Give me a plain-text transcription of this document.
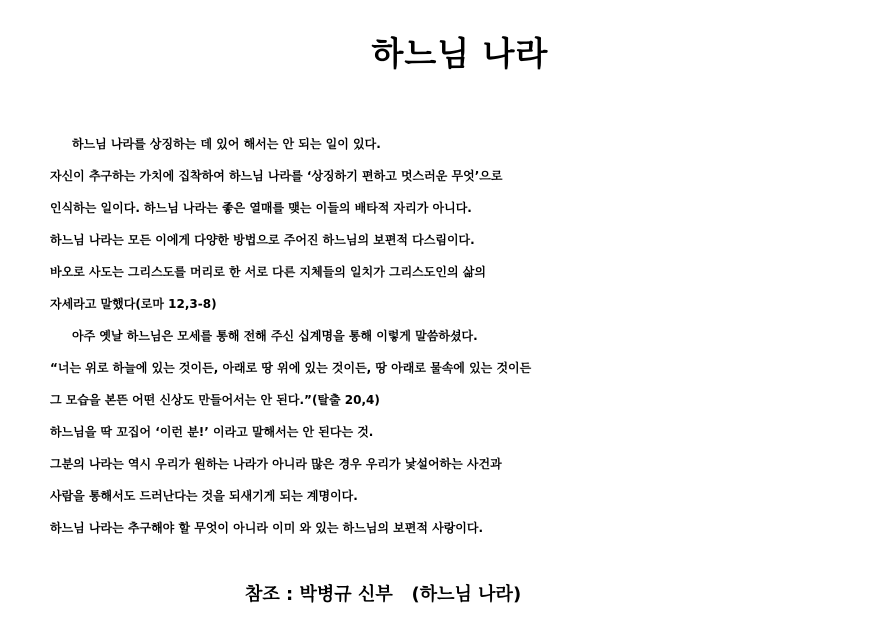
하느님 나라
하느님 나라를 상징하는 데 있어 해서는 안 되는 일이 있다.
자신이 추구하는 가치에 집착하여 하느님 나라를 ‘상징하기 편하고 멋스러운 무엇’으로
인식하는 일이다. 하느님 나라는 좋은 열매를 맺는 이들의 배타적 자리가 아니다.
하느님 나라는 모든 이에게 다양한 방법으로 주어진 하느님의 보편적 다스림이다.
바오로 사도는 그리스도를 머리로 한 서로 다른 지체들의 일치가 그리스도인의 삶의
자세라고 말했다(로마 12,3-8)
아주 옛날 하느님은 모세를 통해 전해 주신 십계명을 통해 이렇게 말씀하셨다.
“너는 위로 하늘에 있는 것이든, 아래로 땅 위에 있는 것이든, 땅 아래로 물속에 있는 것이든
그 모습을 본뜬 어떤 신상도 만들어서는 안 된다.”(탈출 20,4)
하느님을 딱 꼬집어 ‘이런 분!’ 이라고 말해서는 안 된다는 것.
그분의 나라는 역시 우리가 원하는 나라가 아니라 많은 경우 우리가 낯설어하는 사건과
사람을 통해서도 드러난다는 것을 되새기게 되는 계명이다.
하느님 나라는 추구해야 할 무엇이 아니라 이미 와 있는 하느님의 보편적 사랑이다.
참조 : 박병규 신부   (하느님 나라)
